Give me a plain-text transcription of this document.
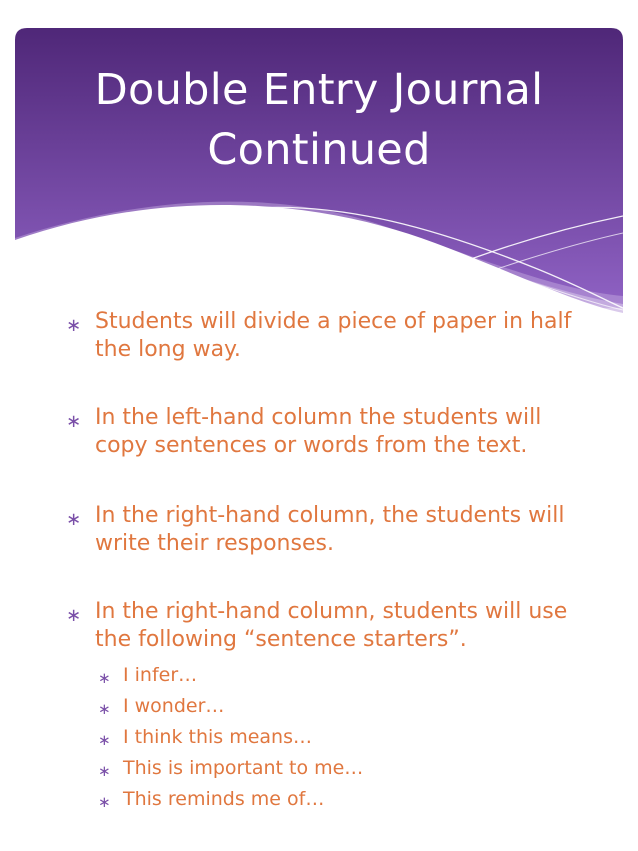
Double Entry Journal
Continued
∗ Students will divide a piece of paper in half
the long way.
∗ In the left-hand column the students will
copy sentences or words from the text.
∗ In the right-hand column, the students will
write their responses.
∗ In the right-hand column, students will use
the following “sentence starters”.
∗ I infer…
∗ I wonder…
∗ I think this means…
∗ This is important to me…
∗ This reminds me of…
